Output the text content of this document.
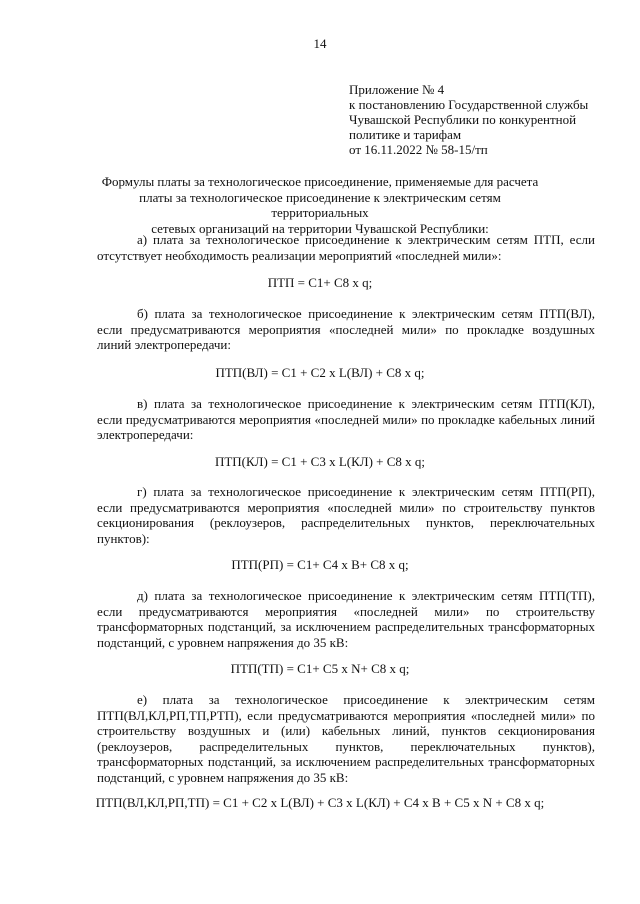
14
Приложение № 4
к постановлению Государственной службы
Чувашской Республики по конкурентной
политике и тарифам
от 16.11.2022 № 58-15/тп
Формулы платы за технологическое присоединение, применяемые для расчета
платы за технологическое присоединение к электрическим сетям территориальных
сетевых организаций на территории Чувашской Республики:
а) плата за технологическое присоединение к электрическим сетям ПТП, если отсутствует необходимость реализации мероприятий «последней мили»:
ПТП = С1+ С8 х q;
б) плата за технологическое присоединение к электрическим сетям ПТП(ВЛ), если предусматриваются мероприятия «последней мили» по прокладке воздушных линий электропередачи:
ПТП(ВЛ) = С1 + С2 х L(ВЛ) + С8 х q;
в) плата за технологическое присоединение к электрическим сетям ПТП(КЛ), если предусматриваются мероприятия «последней мили» по прокладке кабельных линий электропередачи:
ПТП(КЛ) = С1 + С3 х L(КЛ) + С8 х q;
г) плата за технологическое присоединение к электрическим сетям ПТП(РП), если предусматриваются мероприятия «последней мили» по строительству пунктов секционирования (реклоузеров, распределительных пунктов, переключательных пунктов):
ПТП(РП) = С1+ С4 х В+ С8 х q;
д) плата за технологическое присоединение к электрическим сетям ПТП(ТП), если предусматриваются мероприятия «последней мили» по строительству трансформаторных подстанций, за исключением распределительных трансформаторных подстанций, с уровнем напряжения до 35 кВ:
ПТП(ТП) = С1+ С5 х N+ С8 х q;
е) плата за технологическое присоединение к электрическим сетям ПТП(ВЛ,КЛ,РП,ТП,РТП), если предусматриваются мероприятия «последней мили» по строительству воздушных и (или) кабельных линий, пунктов секционирования (реклоузеров, распределительных пунктов, переключательных пунктов), трансформаторных подстанций, за исключением распределительных трансформаторных подстанций, с уровнем напряжения до 35 кВ:
ПТП(ВЛ,КЛ,РП,ТП) = С1 + С2 х L(ВЛ) + С3 х L(КЛ) + С4 х В + С5 х N + С8 х q;
